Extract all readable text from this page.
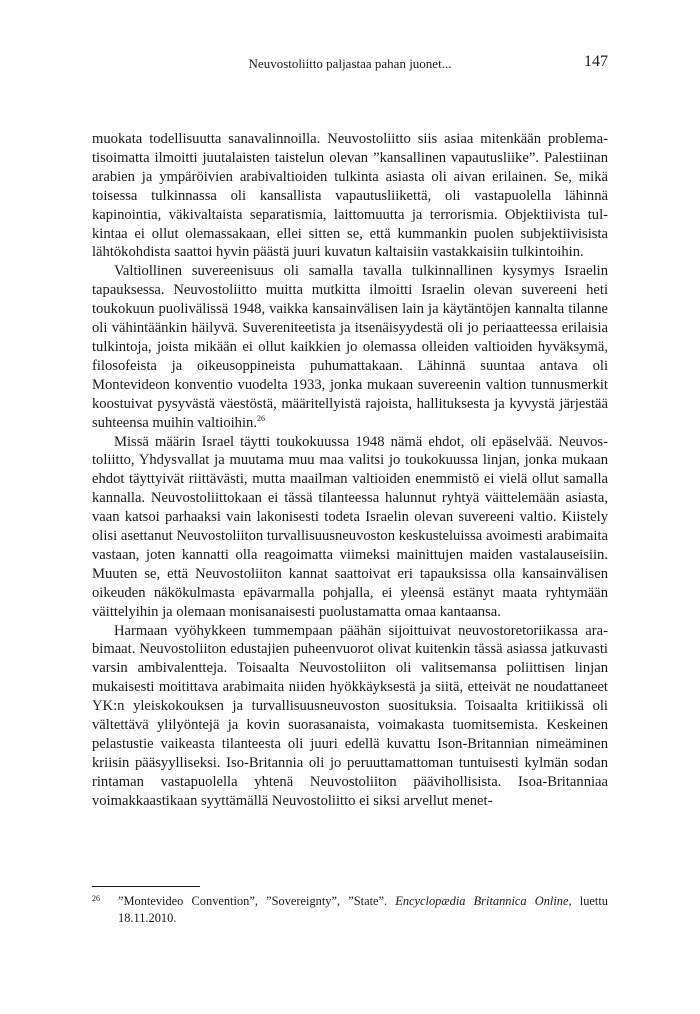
Neuvostoliitto paljastaa pahan juonet...	147

muokata todellisuutta sanavalinnoilla. Neuvostoliitto siis asiaa mitenkään problematisoimatta ilmoitti juutalaisten taistelun olevan ”kansallinen vapautusliike”. Palestiinan arabien ja ympäröivien arabivaltioiden tulkinta asiasta oli aivan erilainen. Se, mikä toisessa tulkinnassa oli kansallista vapautusliikettä, oli vastapuolella lähinnä kapinointia, väkivaltaista separatismia, laittomuutta ja terrorismia. Objektiivista tulkintaa ei ollut olemassakaan, ellei sitten se, että kummankin puolen subjektiivisista lähtökohdista saattoi hyvin päästä juuri kuvatun kaltaisiin vastakkaisiin tulkintoihin.

Valtiollinen suvereenisuus oli samalla tavalla tulkinnallinen kysymys Israelin tapauksessa. Neuvostoliitto muitta mutkitta ilmoitti Israelin olevan suvereeni heti toukokuun puolivälissä 1948, vaikka kansainvälisen lain ja käytäntöjen kannalta tilanne oli vähintäänkin häilyvä. Suvereniteetista ja itsenäisyydestä oli jo periaatteessa erilaisia tulkintoja, joista mikään ei ollut kaikkien jo olemassa olleiden valtioiden hyväksymä, filosofeista ja oikeusoppineista puhumattakaan. Lähinnä suuntaa antava oli Montevideon konventio vuodelta 1933, jonka mukaan suvereenin valtion tunnusmerkit koostuivat pysyvästä väestöstä, määritellyistä rajoista, hallituksesta ja kyvystä järjestää suhteensa muihin valtioihin.$^{26}$

Missä määrin Israel täytti toukokuussa 1948 nämä ehdot, oli epäselvää. Neuvostoliitto, Yhdysvallat ja muutama muu maa valitsi jo toukokuussa linjan, jonka mukaan ehdot täyttyivät riittävästi, mutta maailman valtioiden enemmistö ei vielä ollut samalla kannalla. Neuvostoliittokaan ei tässä tilanteessa halunnut ryhtyä väittelemään asiasta, vaan katsoi parhaaksi vain lakonisesti todeta Israelin olevan suvereeni valtio. Kiistely olisi asettanut Neuvostoliiton turvallisuusneuvoston keskusteluissa avoimesti arabimaita vastaan, joten kannatti olla reagoimatta viimeksi mainittujen maiden vastalauseisiin. Muuten se, että Neuvostoliiton kannat saattoivat eri tapauksissa olla kansainvälisen oikeuden näkökulmasta epävarmalla pohjalla, ei yleensä estänyt maata ryhtymään väittelyihin ja olemaan monisanaisesti puolustamatta omaa kantaansa.

Harmaan vyöhykkeen tummempaan päähän sijoittuivat neuvostoretoriikassa arabimaat. Neuvostoliiton edustajien puheenvuorot olivat kuitenkin tässä asiassa jatkuvasti varsin ambivalentteja. Toisaalta Neuvostoliiton oli valitsemansa poliittisen linjan mukaisesti moitittava arabimaita niiden hyökkäyksestä ja siitä, etteivät ne noudattaneet YK:n yleiskokouksen ja turvallisuusneuvoston suosituksia. Toisaalta kritiikissä oli vältettävä ylilyöntejä ja kovin suorasanaista, voimakasta tuomitsemista. Keskeinen pelastustie vaikeasta tilanteesta oli juuri edellä kuvattu Ison-Britannian nimeäminen kriisin pääsyylliseksi. Iso-Britannia oli jo peruuttamattoman tuntuisesti kylmän sodan rintaman vastapuolella yhtenä Neuvostoliiton päävihollisista. Isoa-Britanniaa voimakkaastikaan syyttämällä Neuvostoliitto ei siksi arvellut menet-

26 ”Montevideo Convention”, ”Sovereignty”, ”State”. Encyclopædia Britannica Online, luettu 18.11.2010.
